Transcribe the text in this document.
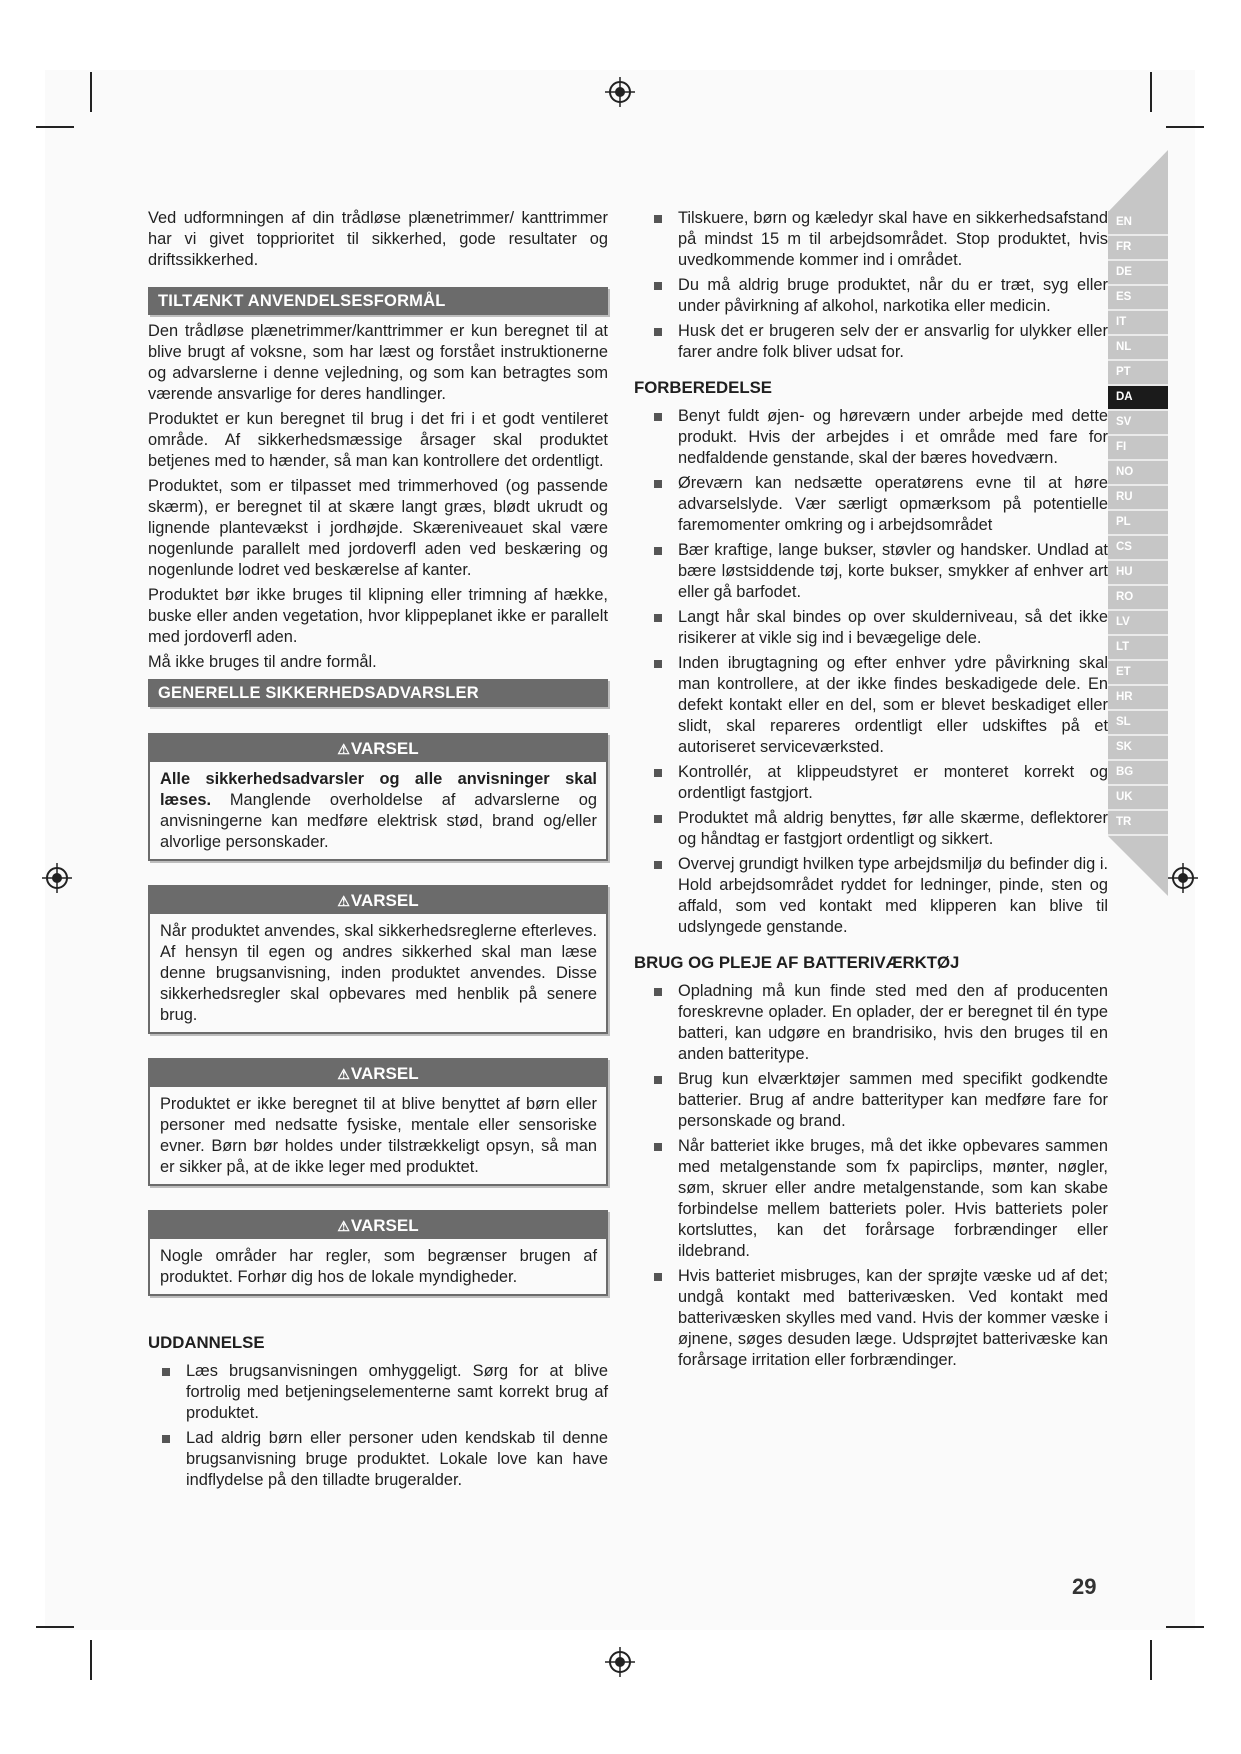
Ved udformningen af din trådløse plænetrimmer/ kanttrimmer har vi givet topprioritet til sikkerhed, gode resultater og driftssikkerhed.

TILTÆNKT ANVENDELSESFORMÅL

Den trådløse plænetrimmer/kanttrimmer er kun beregnet til at blive brugt af voksne, som har læst og forstået instruktionerne og advarslerne i denne vejledning, og som kan betragtes som værende ansvarlige for deres handlinger.

Produktet er kun beregnet til brug i det fri i et godt ventileret område. Af sikkerhedsmæssige årsager skal produktet betjenes med to hænder, så man kan kontrollere det ordentligt.

Produktet, som er tilpasset med trimmerhoved (og passende skærm), er beregnet til at skære langt græs, blødt ukrudt og lignende plantevækst i jordhøjde. Skæreniveauet skal være nogenlunde parallelt med jordoverfl aden ved beskæring og nogenlunde lodret ved beskærelse af kanter.

Produktet bør ikke bruges til klipning eller trimning af hække, buske eller anden vegetation, hvor klippeplanet ikke er parallelt med jordoverfl aden.

Må ikke bruges til andre formål.

GENERELLE SIKKERHEDSADVARSLER
⚠VARSEL
Alle sikkerhedsadvarsler og alle anvisninger skal læses. Manglende overholdelse af advarslerne og anvisningerne kan medføre elektrisk stød, brand og/eller alvorlige personskader.
⚠VARSEL
Når produktet anvendes, skal sikkerhedsreglerne efterleves. Af hensyn til egen og andres sikkerhed skal man læse denne brugsanvisning, inden produktet anvendes. Disse sikkerhedsregler skal opbevares med henblik på senere brug.
⚠VARSEL
Produktet er ikke beregnet til at blive benyttet af børn eller personer med nedsatte fysiske, mentale eller sensoriske evner. Børn bør holdes under tilstrækkeligt opsyn, så man er sikker på, at de ikke leger med produktet.
⚠VARSEL
Nogle områder har regler, som begrænser brugen af produktet. Forhør dig hos de lokale myndigheder.
UDDANNELSE
Læs brugsanvisningen omhyggeligt. Sørg for at blive fortrolig med betjeningselementerne samt korrekt brug af produktet.
Lad aldrig børn eller personer uden kendskab til denne brugsanvisning bruge produktet. Lokale love kan have indflydelse på den tilladte brugeralder.
Tilskuere, børn og kæledyr skal have en sikkerhedsafstand på mindst 15 m til arbejdsområdet. Stop produktet, hvis uvedkommende kommer ind i området.
Du må aldrig bruge produktet, når du er træt, syg eller under påvirkning af alkohol, narkotika eller medicin.
Husk det er brugeren selv der er ansvarlig for ulykker eller farer andre folk bliver udsat for.
FORBEREDELSE
Benyt fuldt øjen- og høreværn under arbejde med dette produkt. Hvis der arbejdes i et område med fare for nedfaldende genstande, skal der bæres hovedværn.
Øreværn kan nedsætte operatørens evne til at høre advarselslyde. Vær særligt opmærksom på potentielle faremomenter omkring og i arbejdsområdet
Bær kraftige, lange bukser, støvler og handsker. Undlad at bære løstsiddende tøj, korte bukser, smykker af enhver art eller gå barfodet.
Langt hår skal bindes op over skulderniveau, så det ikke risikerer at vikle sig ind i bevægelige dele.
Inden ibrugtagning og efter enhver ydre påvirkning skal man kontrollere, at der ikke findes beskadigede dele. En defekt kontakt eller en del, som er blevet beskadiget eller slidt, skal repareres ordentligt eller udskiftes på et autoriseret serviceværksted.
Kontrollér, at klippeudstyret er monteret korrekt og ordentligt fastgjort.
Produktet må aldrig benyttes, før alle skærme, deflektorer og håndtag er fastgjort ordentligt og sikkert.
Overvej grundigt hvilken type arbejdsmiljø du befinder dig i. Hold arbejdsområdet ryddet for ledninger, pinde, sten og affald, som ved kontakt med klipperen kan blive til udslyngede genstande.
BRUG OG PLEJE AF BATTERIVÆRKTØJ
Opladning må kun finde sted med den af producenten foreskrevne oplader. En oplader, der er beregnet til én type batteri, kan udgøre en brandrisiko, hvis den bruges til en anden batteritype.
Brug kun elværktøjer sammen med specifikt godkendte batterier. Brug af andre batterityper kan medføre fare for personskade og brand.
Når batteriet ikke bruges, må det ikke opbevares sammen med metalgenstande som fx papirclips, mønter, nøgler, søm, skruer eller andre metalgenstande, som kan skabe forbindelse mellem batteriets poler. Hvis batteriets poler kortsluttes, kan det forårsage forbrændinger eller ildebrand.
Hvis batteriet misbruges, kan der sprøjte væske ud af det; undgå kontakt med batterivæsken. Ved kontakt med batterivæsken skylles med vand. Hvis der kommer væske i øjnene, søges desuden læge. Udsprøjtet batterivæske kan forårsage irritation eller forbrændinger.
EN
FR
DE
ES
IT
NL
PT
DA
SV
FI
NO
RU
PL
CS
HU
RO
LV
LT
ET
HR
SL
SK
BG
UK
TR
29
